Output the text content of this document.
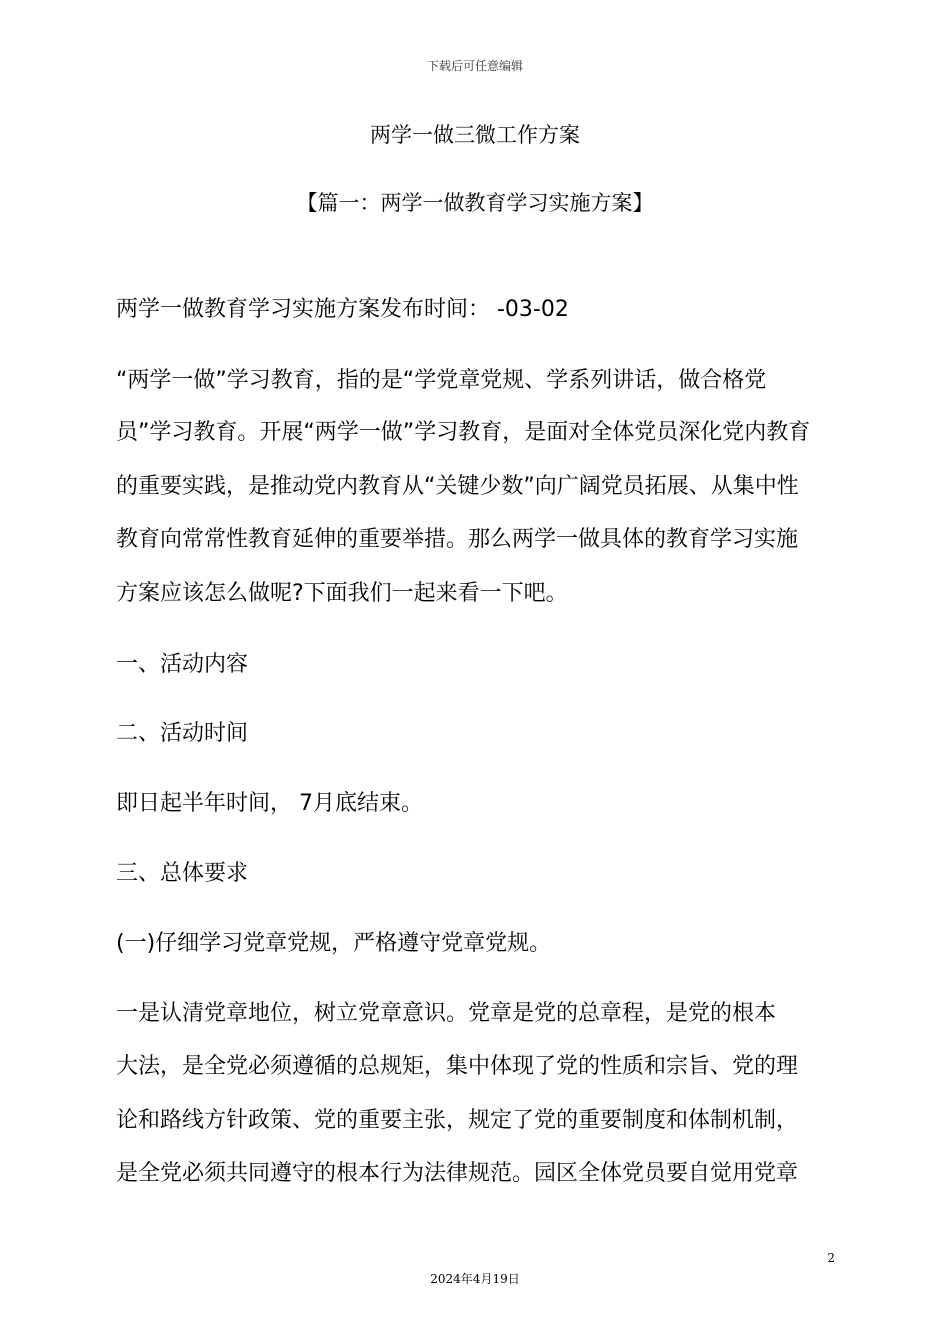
下载后可任意编辑
两学一做三微工作方案
【篇一：两学一做教育学习实施方案】
两学一做教育学习实施方案发布时间： -03-02
“两学一做”学习教育，指的是“学党章党规、学系列讲话，做合格党
员”学习教育。开展“两学一做”学习教育，是面对全体党员深化党内教育
的重要实践，是推动党内教育从“关键少数”向广阔党员拓展、从集中性
教育向常常性教育延伸的重要举措。那么两学一做具体的教育学习实施
方案应该怎么做呢?下面我们一起来看一下吧。
一、活动内容
二、活动时间
即日起半年时间， 7月底结束。
三、总体要求
(一)仔细学习党章党规，严格遵守党章党规。
一是认清党章地位，树立党章意识。党章是党的总章程，是党的根本
大法，是全党必须遵循的总规矩，集中体现了党的性质和宗旨、党的理
论和路线方针政策、党的重要主张，规定了党的重要制度和体制机制，
是全党必须共同遵守的根本行为法律规范。园区全体党员要自觉用党章
2
2024年4月19日
